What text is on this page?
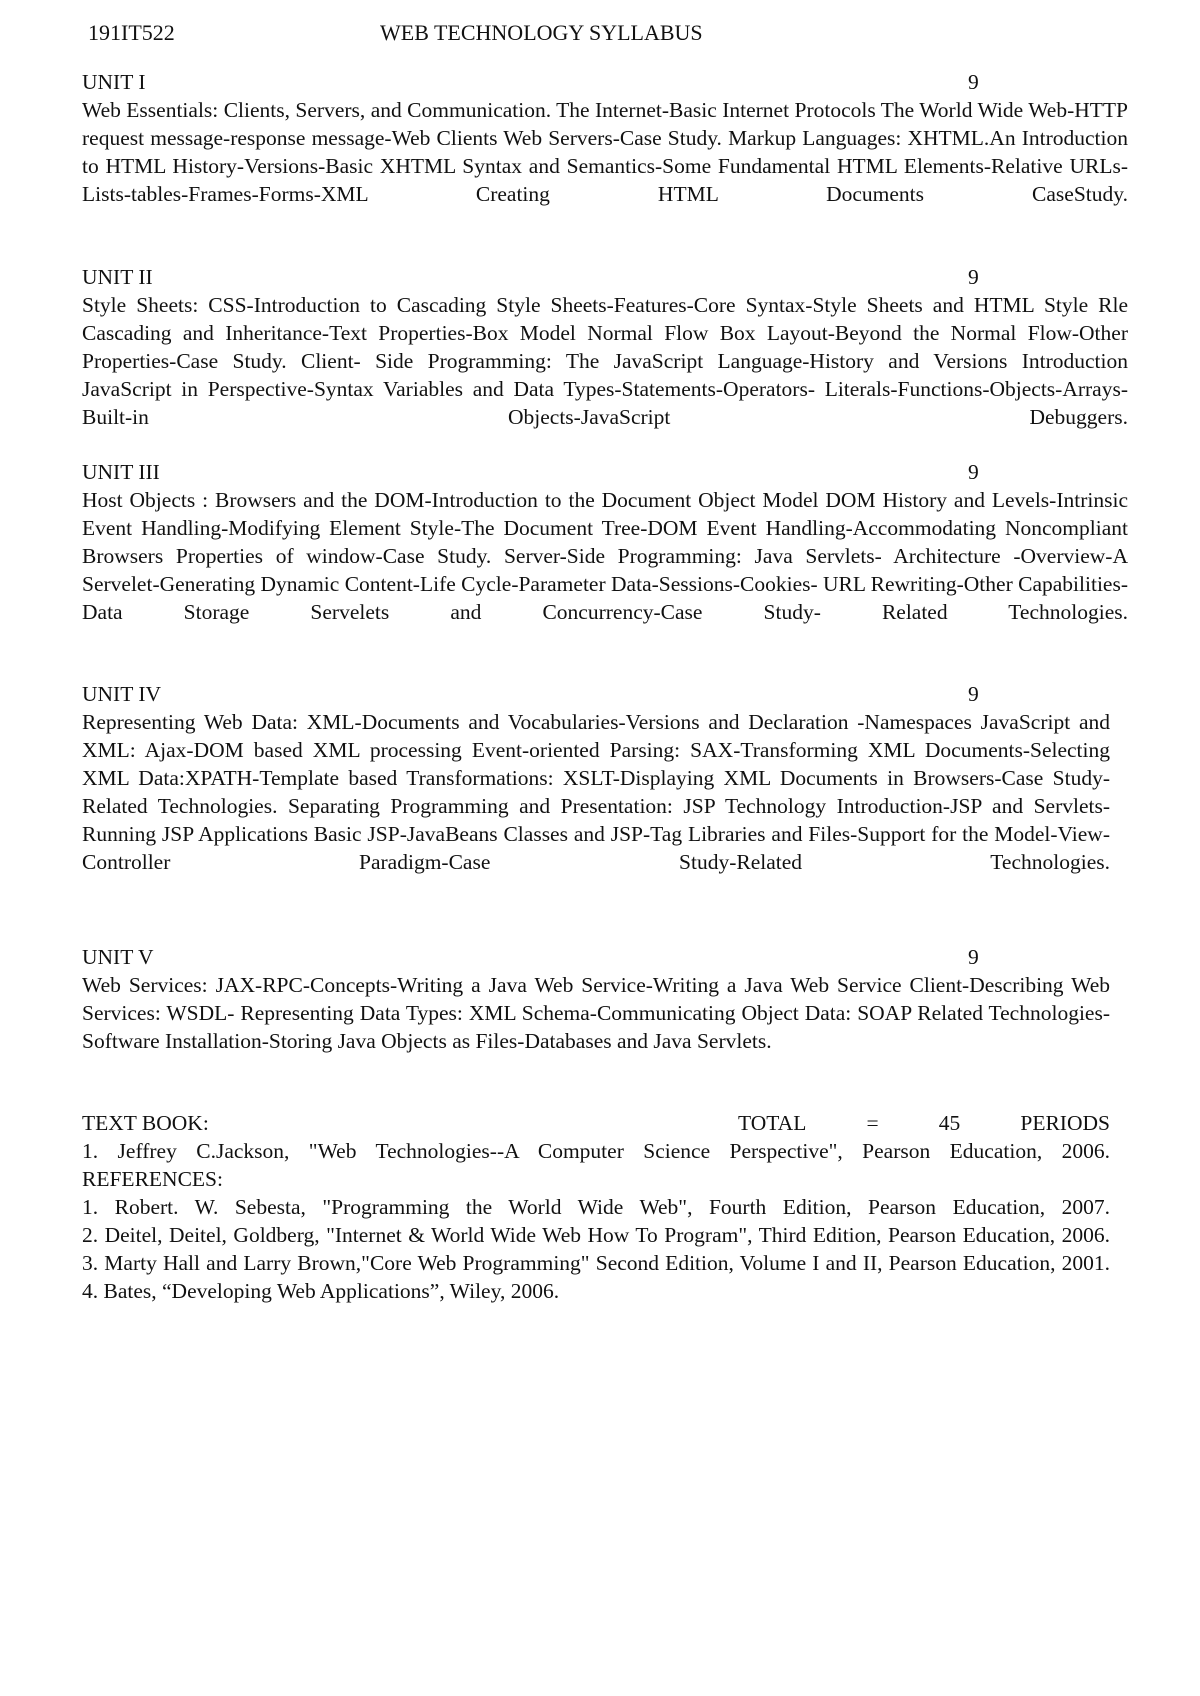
191IT522	WEB TECHNOLOGY SYLLABUS
UNIT I	9

Web Essentials: Clients, Servers, and Communication. The Internet-Basic Internet Protocols The World Wide Web-HTTP request message-response message-Web Clients Web Servers-Case Study. Markup Languages: XHTML.An Introduction to HTML History-Versions-Basic XHTML Syntax and Semantics-Some Fundamental HTML Elements-Relative URLs-Lists-tables-Frames-Forms-XML Creating HTML Documents CaseStudy.

UNIT II	9

Style Sheets: CSS-Introduction to Cascading Style Sheets-Features-Core Syntax-Style Sheets and HTML Style Rle Cascading and Inheritance-Text Properties-Box Model Normal Flow Box Layout-Beyond the Normal Flow-Other Properties-Case Study. Client- Side Programming: The JavaScript Language-History and Versions Introduction JavaScript in Perspective-Syntax Variables and Data Types-Statements-Operators- Literals-Functions-Objects-Arrays-Built-in Objects-JavaScript Debuggers.

UNIT III	9

Host Objects : Browsers and the DOM-Introduction to the Document Object Model DOM History and Levels-Intrinsic Event Handling-Modifying Element Style-The Document Tree-DOM Event Handling-Accommodating Noncompliant Browsers Properties of window-Case Study. Server-Side Programming: Java Servlets- Architecture -Overview-A Servelet-Generating Dynamic Content-Life Cycle-Parameter Data-Sessions-Cookies- URL Rewriting-Other Capabilities-Data Storage Servelets and Concurrency-Case Study- Related Technologies.

UNIT IV	9

Representing Web Data: XML-Documents and Vocabularies-Versions and Declaration -Namespaces JavaScript and XML: Ajax-DOM based XML processing Event-oriented Parsing: SAX-Transforming XML Documents-Selecting XML Data:XPATH-Template based Transformations: XSLT-Displaying XML Documents in Browsers-Case Study- Related Technologies. Separating Programming and Presentation: JSP Technology Introduction-JSP and Servlets-Running JSP Applications Basic JSP-JavaBeans Classes and JSP-Tag Libraries and Files-Support for the Model-View-Controller Paradigm-Case Study-Related Technologies.

UNIT V	9

Web Services: JAX-RPC-Concepts-Writing a Java Web Service-Writing a Java Web Service Client-Describing Web Services: WSDL- Representing Data Types: XML Schema-Communicating Object Data: SOAP Related Technologies-Software Installation-Storing Java Objects as Files-Databases and Java Servlets.

TEXT BOOK:	TOTAL	=	45	PERIODS

1. Jeffrey C.Jackson, "Web Technologies--A Computer Science Perspective", Pearson Education, 2006.

REFERENCES:

1. Robert. W. Sebesta, "Programming the World Wide Web", Fourth Edition, Pearson Education, 2007.

2. Deitel, Deitel, Goldberg, "Internet & World Wide Web How To Program", Third Edition, Pearson Education, 2006.

3. Marty Hall and Larry Brown,"Core Web Programming" Second Edition, Volume I and II, Pearson Education, 2001.

4. Bates, “Developing Web Applications”, Wiley, 2006.
